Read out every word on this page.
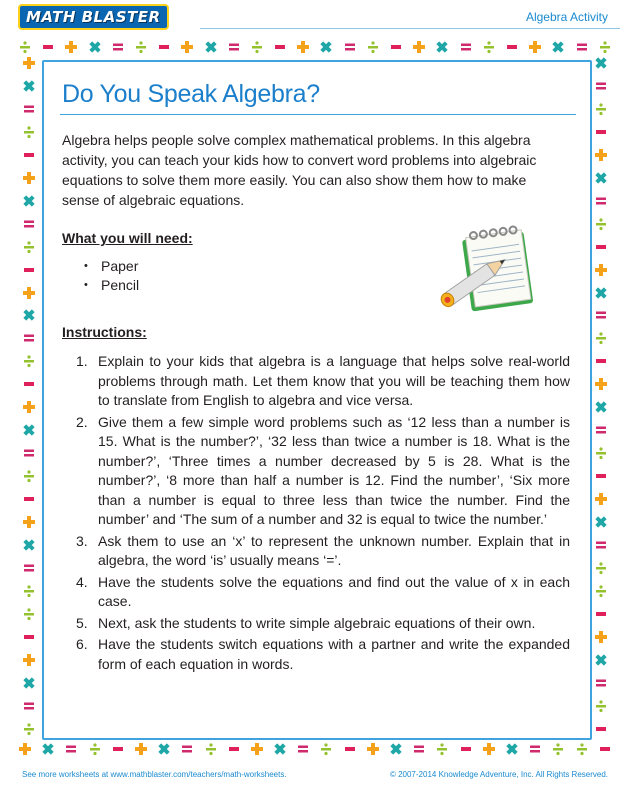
MATH BLASTER	Algebra Activity
Do You Speak Algebra?

Algebra helps people solve complex mathematical problems. In this algebra activity, you can teach your kids how to convert word problems into algebraic equations to solve them more easily. You can also show them how to make sense of algebraic equations.

What you will need:
• Paper
• Pencil
Instructions:
1. Explain to your kids that algebra is a language that helps solve real-world problems through math. Let them know that you will be teaching them how to translate from English to algebra and vice versa.
2. Give them a few simple word problems such as ‘12 less than a number is 15. What is the number?’, ‘32 less than twice a number is 18. What is the number?’, ‘Three times a number decreased by 5 is 28. What is the number?’, ‘8 more than half a number is 12. Find the number’, ‘Six more than a number is equal to three less than twice the number. Find the number’ and ‘The sum of a number and 32 is equal to twice the number.’
3. Ask them to use an ‘x’ to represent the unknown number. Explain that in algebra, the word ‘is’ usually means ‘=’.
4. Have the students solve the equations and find out the value of x in each case.
5. Next, ask the students to write simple algebraic equations of their own.
6. Have the students switch equations with a partner and write the expanded form of each equation in words.
See more worksheets at www.mathblaster.com/teachers/math-worksheets.	© 2007-2014 Knowledge Adventure, Inc. All Rights Reserved.
